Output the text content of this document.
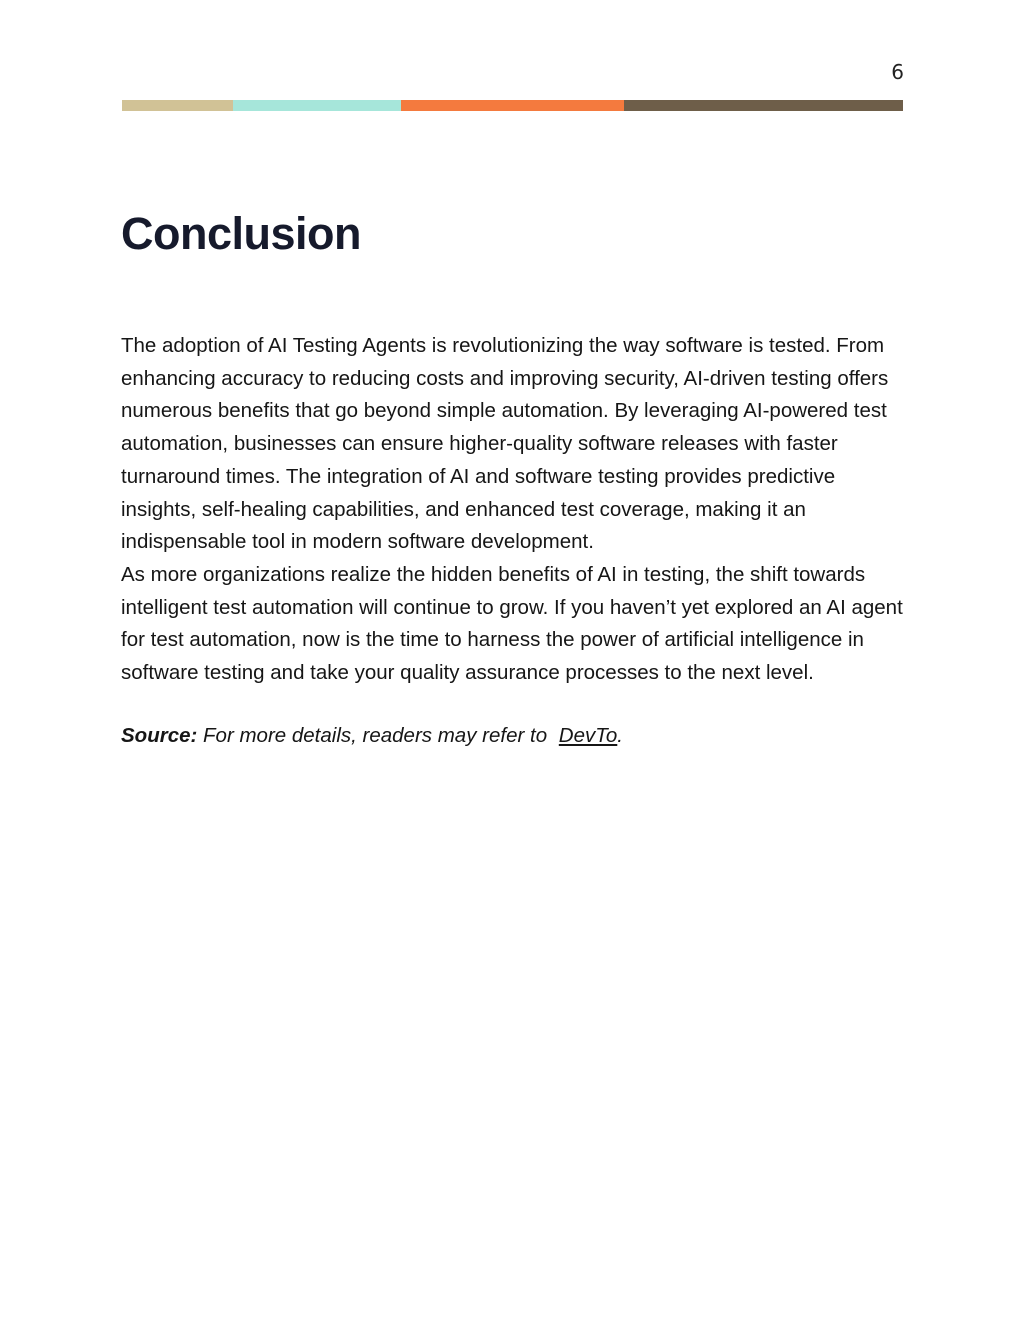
6
Conclusion

The adoption of AI Testing Agents is revolutionizing the way software is tested. From enhancing accuracy to reducing costs and improving security, AI-driven testing offers numerous benefits that go beyond simple automation. By leveraging AI-powered test automation, businesses can ensure higher-quality software releases with faster turnaround times. The integration of AI and software testing provides predictive insights, self-healing capabilities, and enhanced test coverage, making it an indispensable tool in modern software development.

As more organizations realize the hidden benefits of AI in testing, the shift towards intelligent test automation will continue to grow. If you haven’t yet explored an AI agent for test automation, now is the time to harness the power of artificial intelligence in software testing and take your quality assurance processes to the next level.

Source: For more details, readers may refer to DevTo.
